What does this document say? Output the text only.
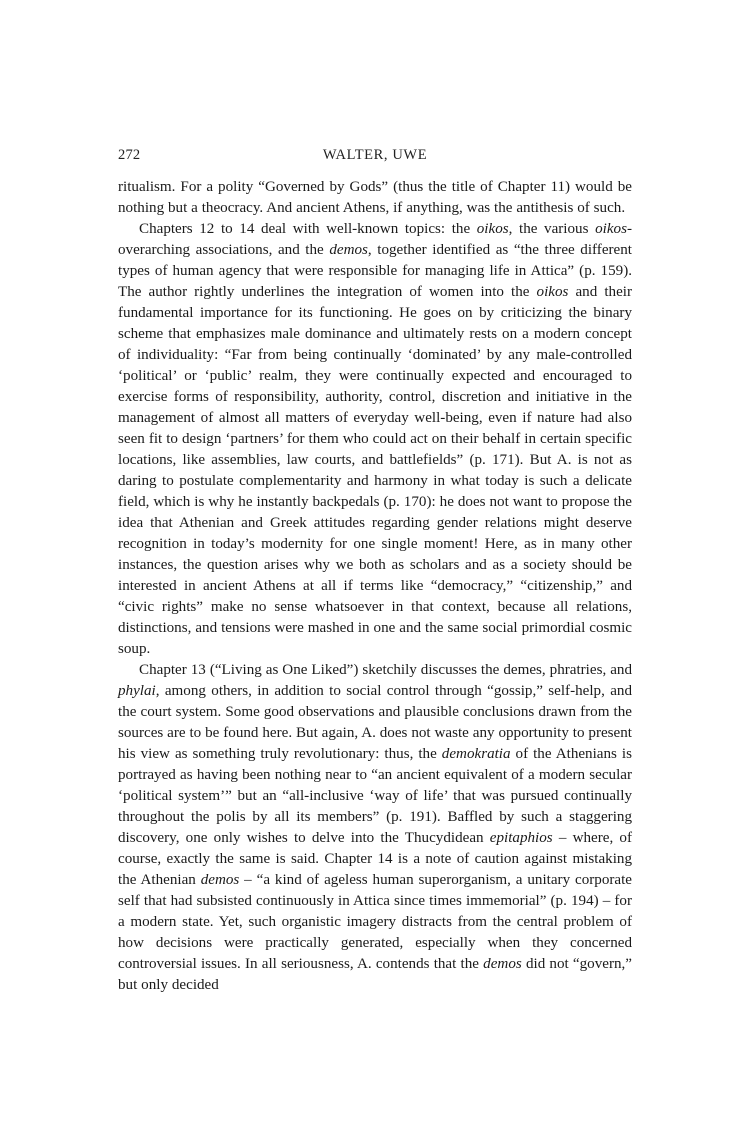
272	WALTER, UWE

ritualism. For a polity “Governed by Gods” (thus the title of Chapter 11) would be nothing but a theocracy. And ancient Athens, if anything, was the antithesis of such.

Chapters 12 to 14 deal with well-known topics: the oikos, the various oikos-overarching associations, and the demos, together identified as “the three different types of human agency that were responsible for managing life in Attica” (p. 159). The author rightly underlines the integration of women into the oikos and their fundamental importance for its functioning. He goes on by criticizing the binary scheme that emphasizes male dominance and ultimately rests on a modern concept of individuality: “Far from being continually ‘dominated’ by any male-controlled ‘political’ or ‘public’ realm, they were continually expected and encouraged to exercise forms of responsibility, authority, control, discretion and initiative in the management of almost all matters of everyday well-being, even if nature had also seen fit to design ‘partners’ for them who could act on their behalf in certain specific locations, like assemblies, law courts, and battlefields” (p. 171). But A. is not as daring to postulate complementarity and harmony in what today is such a delicate field, which is why he instantly backpedals (p. 170): he does not want to propose the idea that Athenian and Greek attitudes regarding gender relations might deserve recognition in today’s modernity for one single moment! Here, as in many other instances, the question arises why we both as scholars and as a society should be interested in ancient Athens at all if terms like “democracy,” “citizenship,” and “civic rights” make no sense whatsoever in that context, because all relations, distinctions, and tensions were mashed in one and the same social primordial cosmic soup.

Chapter 13 (“Living as One Liked”) sketchily discusses the demes, phratries, and phylai, among others, in addition to social control through “gossip,” self-help, and the court system. Some good observations and plausible conclusions drawn from the sources are to be found here. But again, A. does not waste any opportunity to present his view as something truly revolutionary: thus, the demokratia of the Athenians is portrayed as having been nothing near to “an ancient equivalent of a modern secular ‘political system’” but an “all-inclusive ‘way of life’ that was pursued continually throughout the polis by all its members” (p. 191). Baffled by such a staggering discovery, one only wishes to delve into the Thucydidean epitaphios – where, of course, exactly the same is said. Chapter 14 is a note of caution against mistaking the Athenian demos – “a kind of ageless human superorganism, a unitary corporate self that had subsisted continuously in Attica since times immemorial” (p. 194) – for a modern state. Yet, such organistic imagery distracts from the central problem of how decisions were practically generated, especially when they concerned controversial issues. In all seriousness, A. contends that the demos did not “govern,” but only decided
